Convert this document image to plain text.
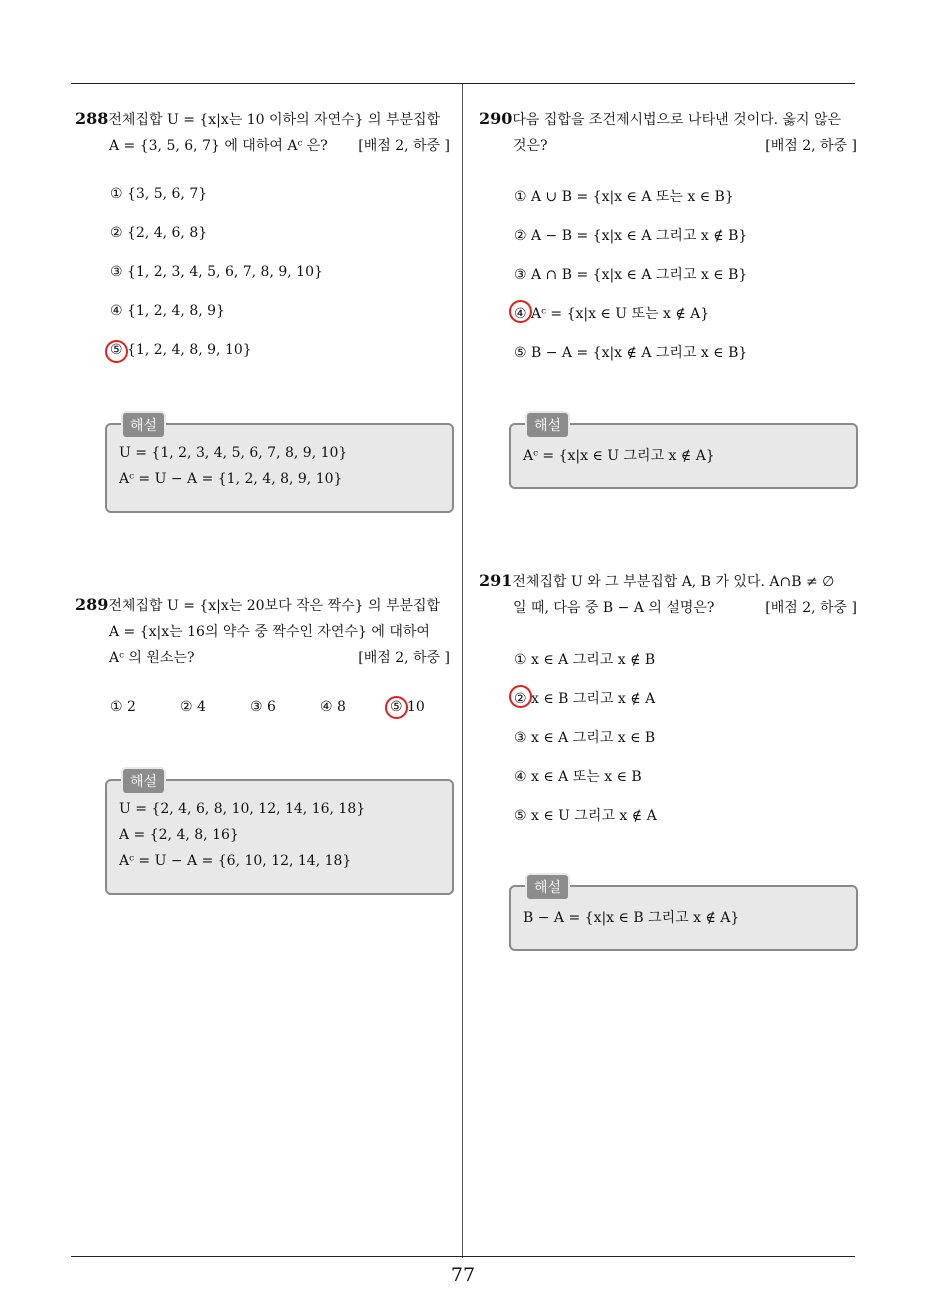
77
288전체집합 U = {x|x는 10 이하의 자연수} 의 부분집합
A = {3, 5, 6, 7} 에 대하여 Aᶜ 은? [배점 2, 하중 ]
① {3, 5, 6, 7}
② {2, 4, 6, 8}
③ {1, 2, 3, 4, 5, 6, 7, 8, 9, 10}
④ {1, 2, 4, 8, 9}
⑤ {1, 2, 4, 8, 9, 10}
해설
U = {1, 2, 3, 4, 5, 6, 7, 8, 9, 10}
Aᶜ = U − A = {1, 2, 4, 8, 9, 10}
289전체집합 U = {x|x는 20보다 작은 짝수} 의 부분집합
A = {x|x는 16의 약수 중 짝수인 자연수} 에 대하여
Aᶜ 의 원소는?	[배점 2, 하중 ]
① 2	② 4	③ 6	④ 8	⑤ 10
해설
U = {2, 4, 6, 8, 10, 12, 14, 16, 18}
A = {2, 4, 8, 16}
Aᶜ = U − A = {6, 10, 12, 14, 18}
290다음 집합을 조건제시법으로 나타낸 것이다. 옳지 않은
것은?	[배점 2, 하중 ]
① A ∪ B = {x|x ∈ A 또는 x ∈ B}
② A − B = {x|x ∈ A 그리고 x ∉ B}
③ A ∩ B = {x|x ∈ A 그리고 x ∈ B}
④ Aᶜ = {x|x ∈ U 또는 x ∉ A}
⑤ B − A = {x|x ∉ A 그리고 x ∈ B}
해설
Aᶜ = {x|x ∈ U 그리고 x ∉ A}
291전체집합 U 와 그 부분집합 A, B 가 있다. A∩B ≠ ∅
일 때, 다음 중 B − A 의 설명은?	[배점 2, 하중 ]
① x ∈ A 그리고 x ∉ B
② x ∈ B 그리고 x ∉ A
③ x ∈ A 그리고 x ∈ B
④ x ∈ A 또는 x ∈ B
⑤ x ∈ U 그리고 x ∉ A
해설
B − A = {x|x ∈ B 그리고 x ∉ A}
